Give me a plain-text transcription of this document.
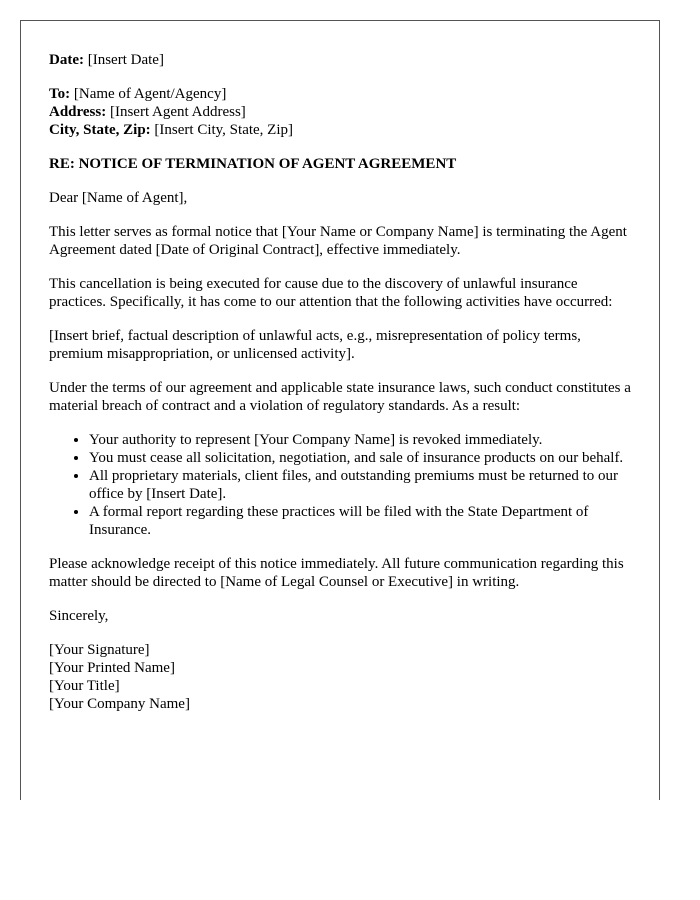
Date: [Insert Date]

To: [Name of Agent/Agency]

Address: [Insert Agent Address]

City, State, Zip: [Insert City, State, Zip]

RE: NOTICE OF TERMINATION OF AGENT AGREEMENT

Dear [Name of Agent],

This letter serves as formal notice that [Your Name or Company Name] is terminating the Agent Agreement dated [Date of Original Contract], effective immediately.

This cancellation is being executed for cause due to the discovery of unlawful insurance practices. Specifically, it has come to our attention that the following activities have occurred:

[Insert brief, factual description of unlawful acts, e.g., misrepresentation of policy terms, premium misappropriation, or unlicensed activity].

Under the terms of our agreement and applicable state insurance laws, such conduct constitutes a material breach of contract and a violation of regulatory standards. As a result:

• Your authority to represent [Your Company Name] is revoked immediately.
• You must cease all solicitation, negotiation, and sale of insurance products on our behalf.
• All proprietary materials, client files, and outstanding premiums must be returned to our office by [Insert Date].
• A formal report regarding these practices will be filed with the State Department of Insurance.

Please acknowledge receipt of this notice immediately. All future communication regarding this matter should be directed to [Name of Legal Counsel or Executive] in writing.

Sincerely,

[Your Signature]

[Your Printed Name]

[Your Title]

[Your Company Name]
